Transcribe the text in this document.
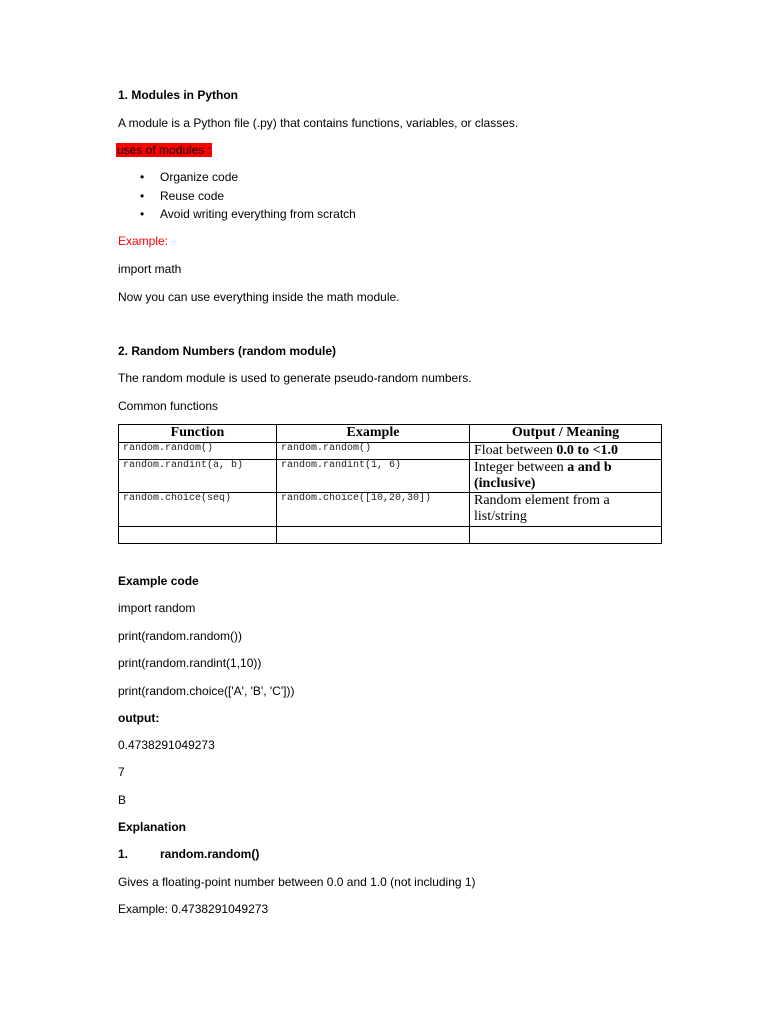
1. Modules in Python
A module is a Python file (.py) that contains functions, variables, or classes.
uses of modules :
• Organize code
• Reuse code
• Avoid writing everything from scratch
Example:
import math
Now you can use everything inside the math module.
2. Random Numbers (random module)
The random module is used to generate pseudo-random numbers.
Common functions
Function	Example	Output / Meaning
random.random()	random.random()	Float between 0.0 to <1.0
random.randint(a, b)	random.randint(1, 6)	Integer between a and b (inclusive)
random.choice(seq)	random.choice([10,20,30])	Random element from a list/string

Example code
import random
print(random.random())
print(random.randint(1,10))
print(random.choice(['A', 'B', 'C']))
output:
0.4738291049273
7
B
Explanation
1.	random.random()
Gives a floating-point number between 0.0 and 1.0 (not including 1)
Example: 0.4738291049273
